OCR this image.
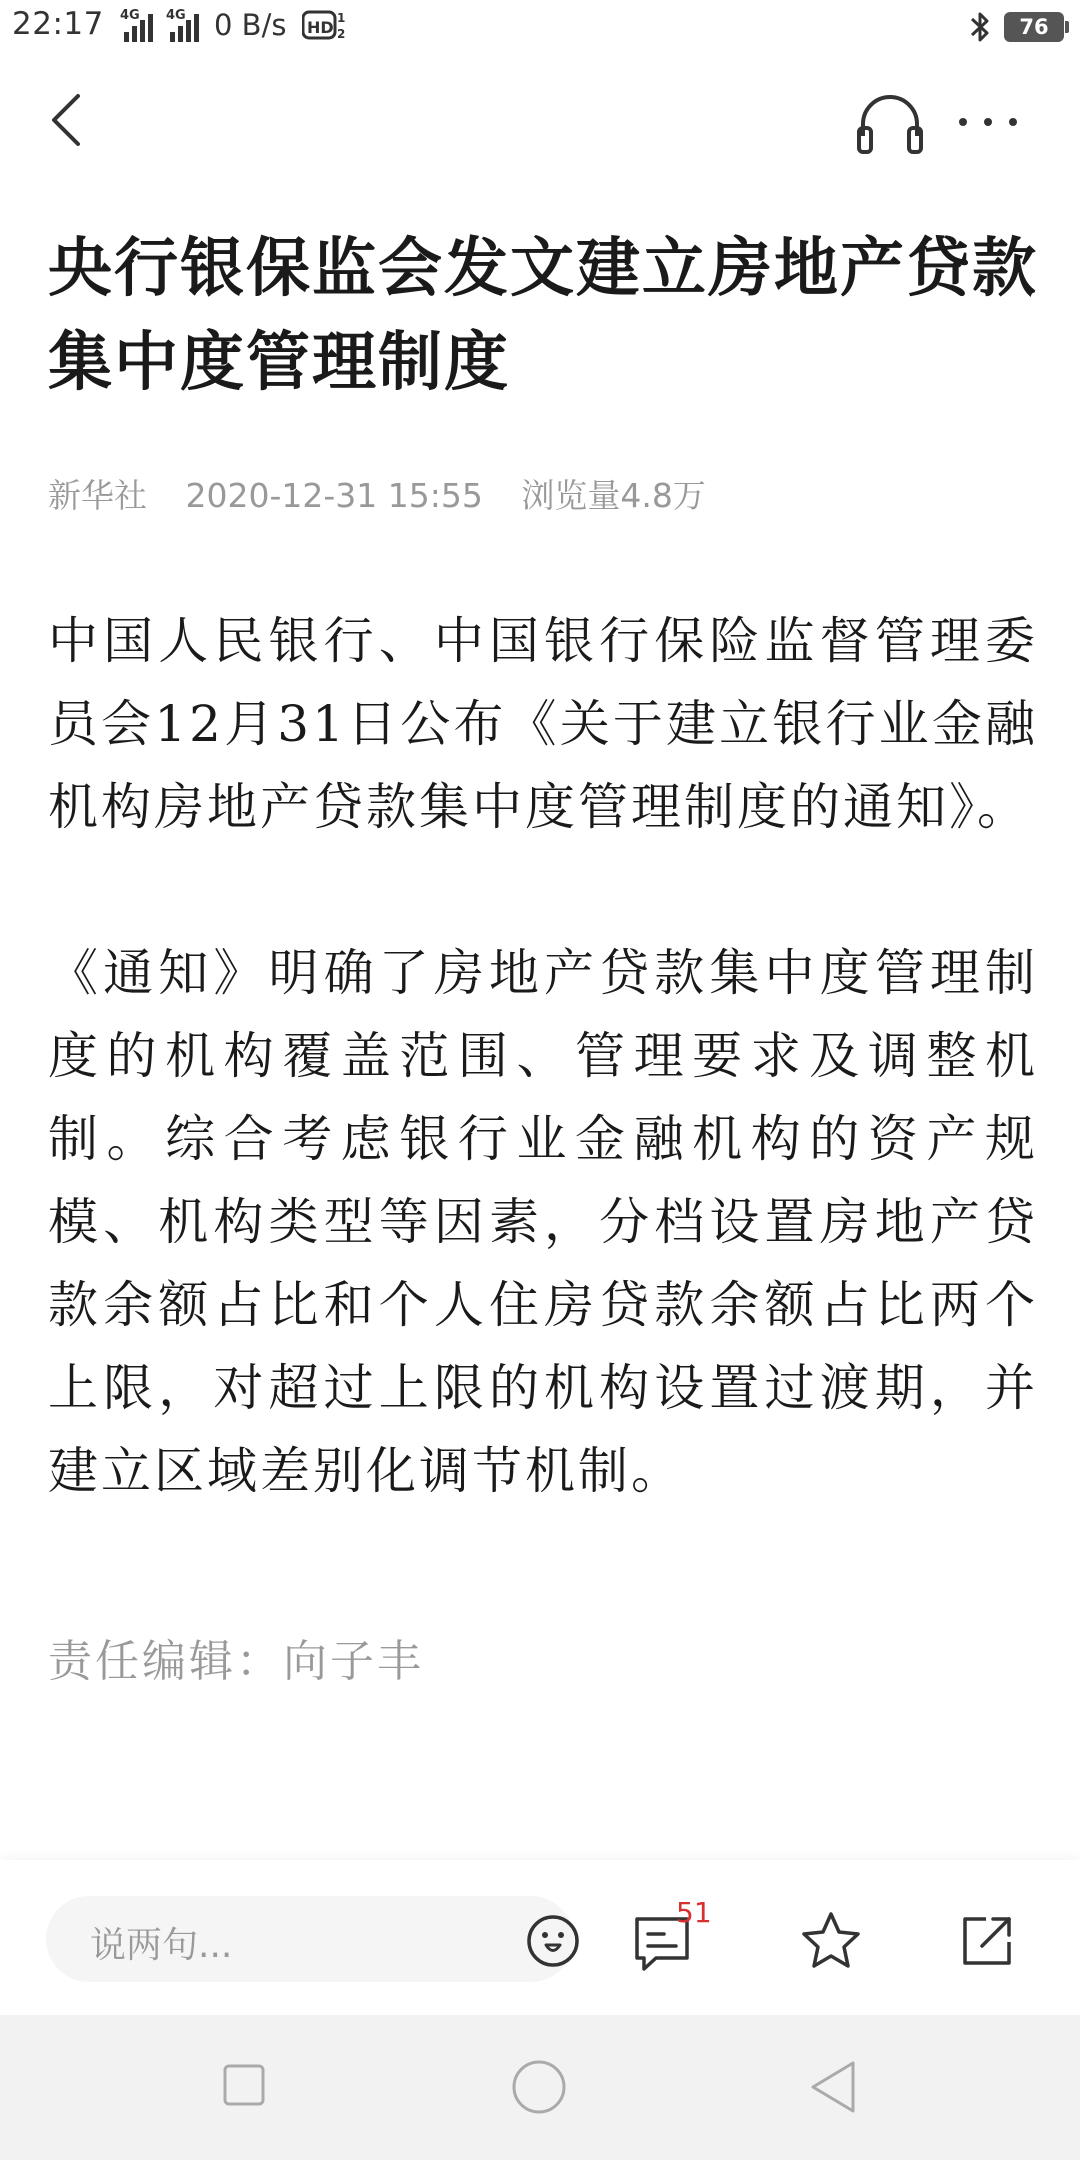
22:17 4G 4G 0 B/s HD 1
2	76
央行银保监会发文建立房地产贷款集中度管理制度
新华社 2020-12-31 15:55 浏览量4.8万

中国人民银行、中国银行保险监督管理委员会12月31日公布《关于建立银行业金融机构房地产贷款集中度管理制度的通知》。

《通知》明确了房地产贷款集中度管理制度的机构覆盖范围、管理要求及调整机制。综合考虑银行业金融机构的资产规模、机构类型等因素，分档设置房地产贷款余额占比和个人住房贷款余额占比两个上限，对超过上限的机构设置过渡期，并建立区域差别化调节机制。

责任编辑：向子丰
说两句...
51
